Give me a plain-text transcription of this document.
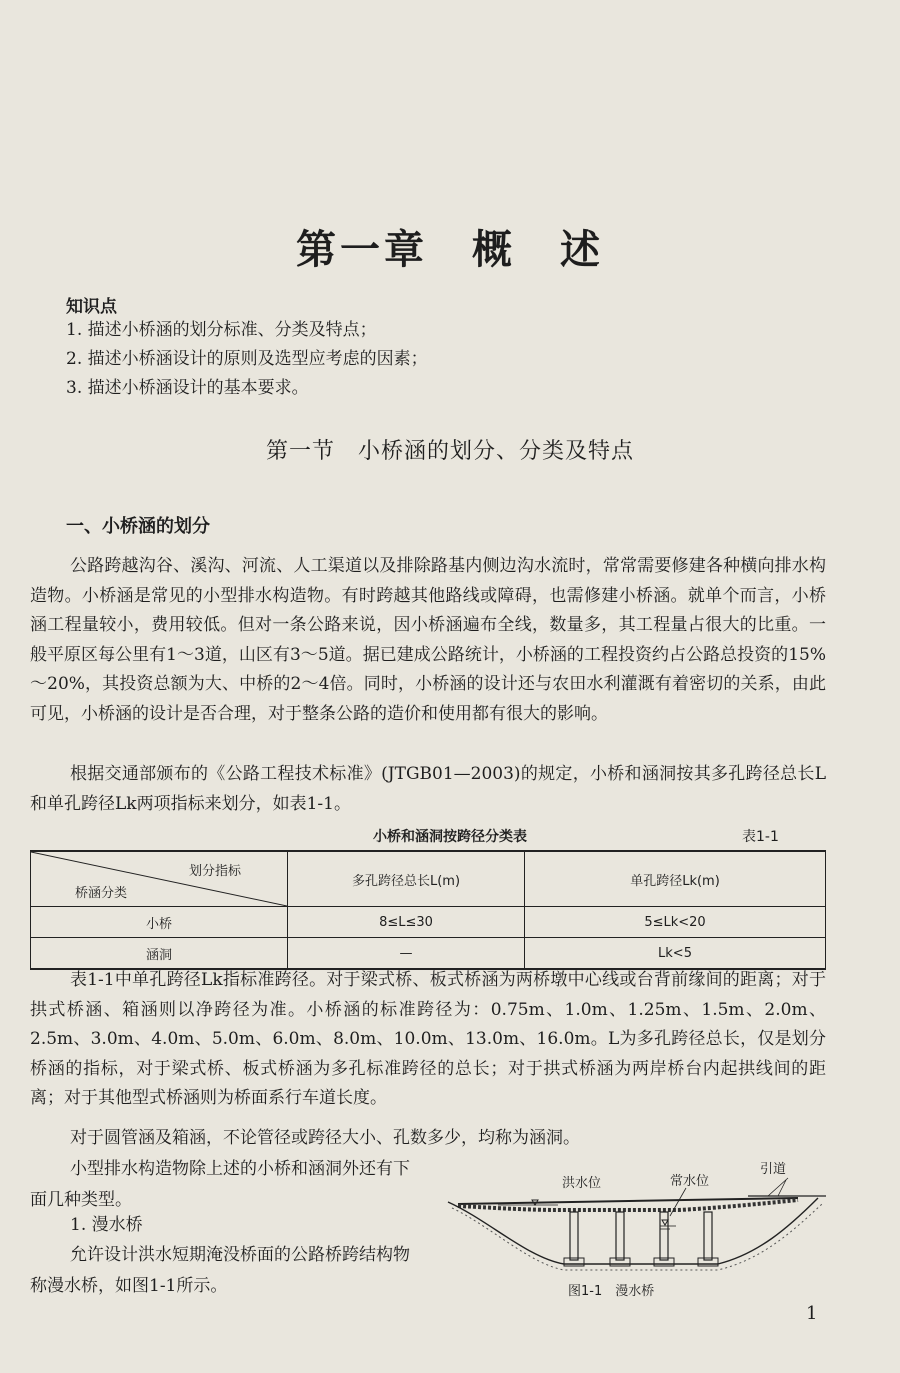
第一章　概　述
知识点
1. 描述小桥涵的划分标准、分类及特点；
2. 描述小桥涵设计的原则及选型应考虑的因素；
3. 描述小桥涵设计的基本要求。
第一节　小桥涵的划分、分类及特点
一、小桥涵的划分

公路跨越沟谷、溪沟、河流、人工渠道以及排除路基内侧边沟水流时，常常需要修建各种横向排水构造物。小桥涵是常见的小型排水构造物。有时跨越其他路线或障碍，也需修建小桥涵。就单个而言，小桥涵工程量较小，费用较低。但对一条公路来说，因小桥涵遍布全线，数量多，其工程量占很大的比重。一般平原区每公里有1～3道，山区有3～5道。据已建成公路统计，小桥涵的工程投资约占公路总投资的15%～20%，其投资总额为大、中桥的2～4倍。同时，小桥涵的设计还与农田水利灌溉有着密切的关系，由此可见，小桥涵的设计是否合理，对于整条公路的造价和使用都有很大的影响。

根据交通部颁布的《公路工程技术标准》(JTGB01—2003)的规定，小桥和涵洞按其多孔跨径总长L和单孔跨径Lk两项指标来划分，如表1-1。

小桥和涵洞按跨径分类表	表1-1
划分指标
桥涵分类	多孔跨径总长L(m)	单孔跨径Lk(m)
小桥	8≤L≤30	5≤Lk<20
涵洞	—	Lk<5

表1-1中单孔跨径Lk指标准跨径。对于梁式桥、板式桥涵为两桥墩中心线或台背前缘间的距离；对于拱式桥涵、箱涵则以净跨径为准。小桥涵的标准跨径为：0.75m、1.0m、1.25m、1.5m、2.0m、2.5m、3.0m、4.0m、5.0m、6.0m、8.0m、10.0m、13.0m、16.0m。L为多孔跨径总长，仅是划分桥涵的指标，对于梁式桥、板式桥涵为多孔标准跨径的总长；对于拱式桥涵为两岸桥台内起拱线间的距离；对于其他型式桥涵则为桥面系行车道长度。

对于圆管涵及箱涵，不论管径或跨径大小、孔数多少，均称为涵洞。

小型排水构造物除上述的小桥和涵洞外还有下面几种类型。

1. 漫水桥

允许设计洪水短期淹没桥面的公路桥跨结构物称漫水桥，如图1-1所示。

洪水位	常水位
引道
图1-1　漫水桥
1
